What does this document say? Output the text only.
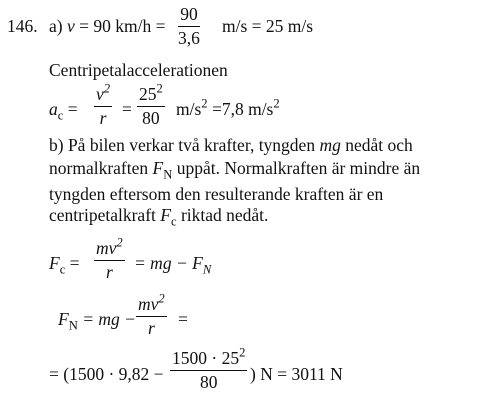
146. a) v = 90 km/h =
90
3,6
m/s = 25 m/s
Centripetalaccelerationen
$a_c$ =
$v^2$
r =
$25^2$
80 $m/s^2 =7,8$ $m/s^2$
b) På bilen verkar två krafter, tyngden mg nedåt och
normalkraften $F_N$ uppåt. Normalkraften är mindre än
tyngden eftersom den resulterande kraften är en
centripetalkraft $F_c$ riktad nedåt.
$F_c$ =
$mv^2$
r = mg − $F_N$
$F_N$ = mg −
$mv^2$
r =
= (1500 · 9,82 −
$1500 \cdot 25^2$
80 ) N = 3011 N
